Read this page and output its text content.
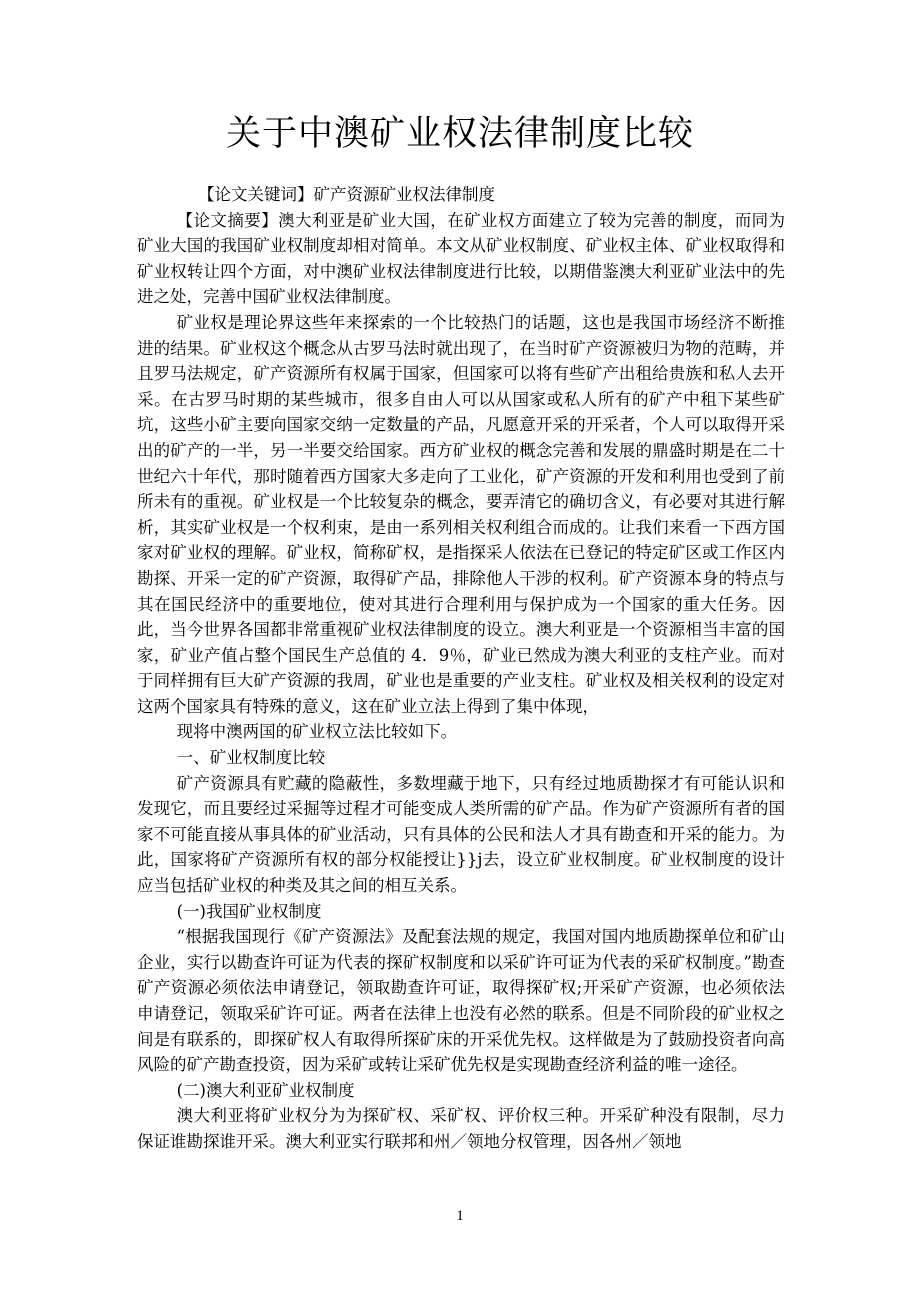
关于中澳矿业权法律制度比较

【论文关键词】矿产资源矿业权法律制度

【论文摘要】澳大利亚是矿业大国，在矿业权方面建立了较为完善的制度，而同为矿业大国的我国矿业权制度却相对简单。本文从矿业权制度、矿业权主体、矿业权取得和矿业权转让四个方面，对中澳矿业权法律制度进行比较，以期借鉴澳大利亚矿业法中的先进之处，完善中国矿业权法律制度。

矿业权是理论界这些年来探索的一个比较热门的话题，这也是我国市场经济不断推进的结果。矿业权这个概念从古罗马法时就出现了，在当时矿产资源被归为物的范畴，并且罗马法规定，矿产资源所有权属于国家，但国家可以将有些矿产出租给贵族和私人去开采。在古罗马时期的某些城市，很多自由人可以从国家或私人所有的矿产中租下某些矿坑，这些小矿主要向国家交纳一定数量的产品，凡愿意开采的开采者，个人可以取得开采出的矿产的一半，另一半要交给国家。西方矿业权的概念完善和发展的鼎盛时期是在二十世纪六十年代，那时随着西方国家大多走向了工业化，矿产资源的开发和利用也受到了前所未有的重视。矿业权是一个比较复杂的概念，要弄清它的确切含义，有必要对其进行解析，其实矿业权是一个权利束，是由一系列相关权利组合而成的。让我们来看一下西方国家对矿业权的理解。矿业权，简称矿权，是指探采人依法在已登记的特定矿区或工作区内勘探、开采一定的矿产资源，取得矿产品，排除他人干涉的权利。矿产资源本身的特点与其在国民经济中的重要地位，使对其进行合理利用与保护成为一个国家的重大任务。因此，当今世界各国都非常重视矿业权法律制度的设立。澳大利亚是一个资源相当丰富的国家，矿业产值占整个国民生产总值的 4．9％，矿业已然成为澳大利亚的支柱产业。而对于同样拥有巨大矿产资源的我周，矿业也是重要的产业支柱。矿业权及相关权利的设定对这两个国家具有特殊的意义，这在矿业立法上得到了集中体现，

现将中澳两国的矿业权立法比较如下。

一、矿业权制度比较

矿产资源具有贮藏的隐蔽性，多数埋藏于地下，只有经过地质勘探才有可能认识和发现它，而且要经过采掘等过程才可能变成人类所需的矿产品。作为矿产资源所有者的国家不可能直接从事具体的矿业活动，只有具体的公民和法人才具有勘查和开采的能力。为此，国家将矿产资源所有权的部分权能授让}}j去，设立矿业权制度。矿业权制度的设计应当包括矿业权的种类及其之间的相互关系。

(一)我国矿业权制度

“根据我国现行《矿产资源法》及配套法规的规定，我国对国内地质勘探单位和矿山企业，实行以勘查许可证为代表的探矿权制度和以采矿许可证为代表的采矿权制度。”勘查矿产资源必须依法申请登记，领取勘查许可证，取得探矿权;开采矿产资源，也必须依法申请登记，领取采矿许可证。两者在法律上也没有必然的联系。但是不同阶段的矿业权之间是有联系的，即探矿权人有取得所探矿床的开采优先权。这样做是为了鼓励投资者向高风险的矿产勘查投资，因为采矿或转让采矿优先权是实现勘查经济利益的唯一途径。

(二)澳大利亚矿业权制度

澳大利亚将矿业权分为为探矿权、采矿权、评价权三种。开采矿种没有限制，尽力保证谁勘探谁开采。澳大利亚实行联邦和州／领地分权管理，因各州／领地

1
